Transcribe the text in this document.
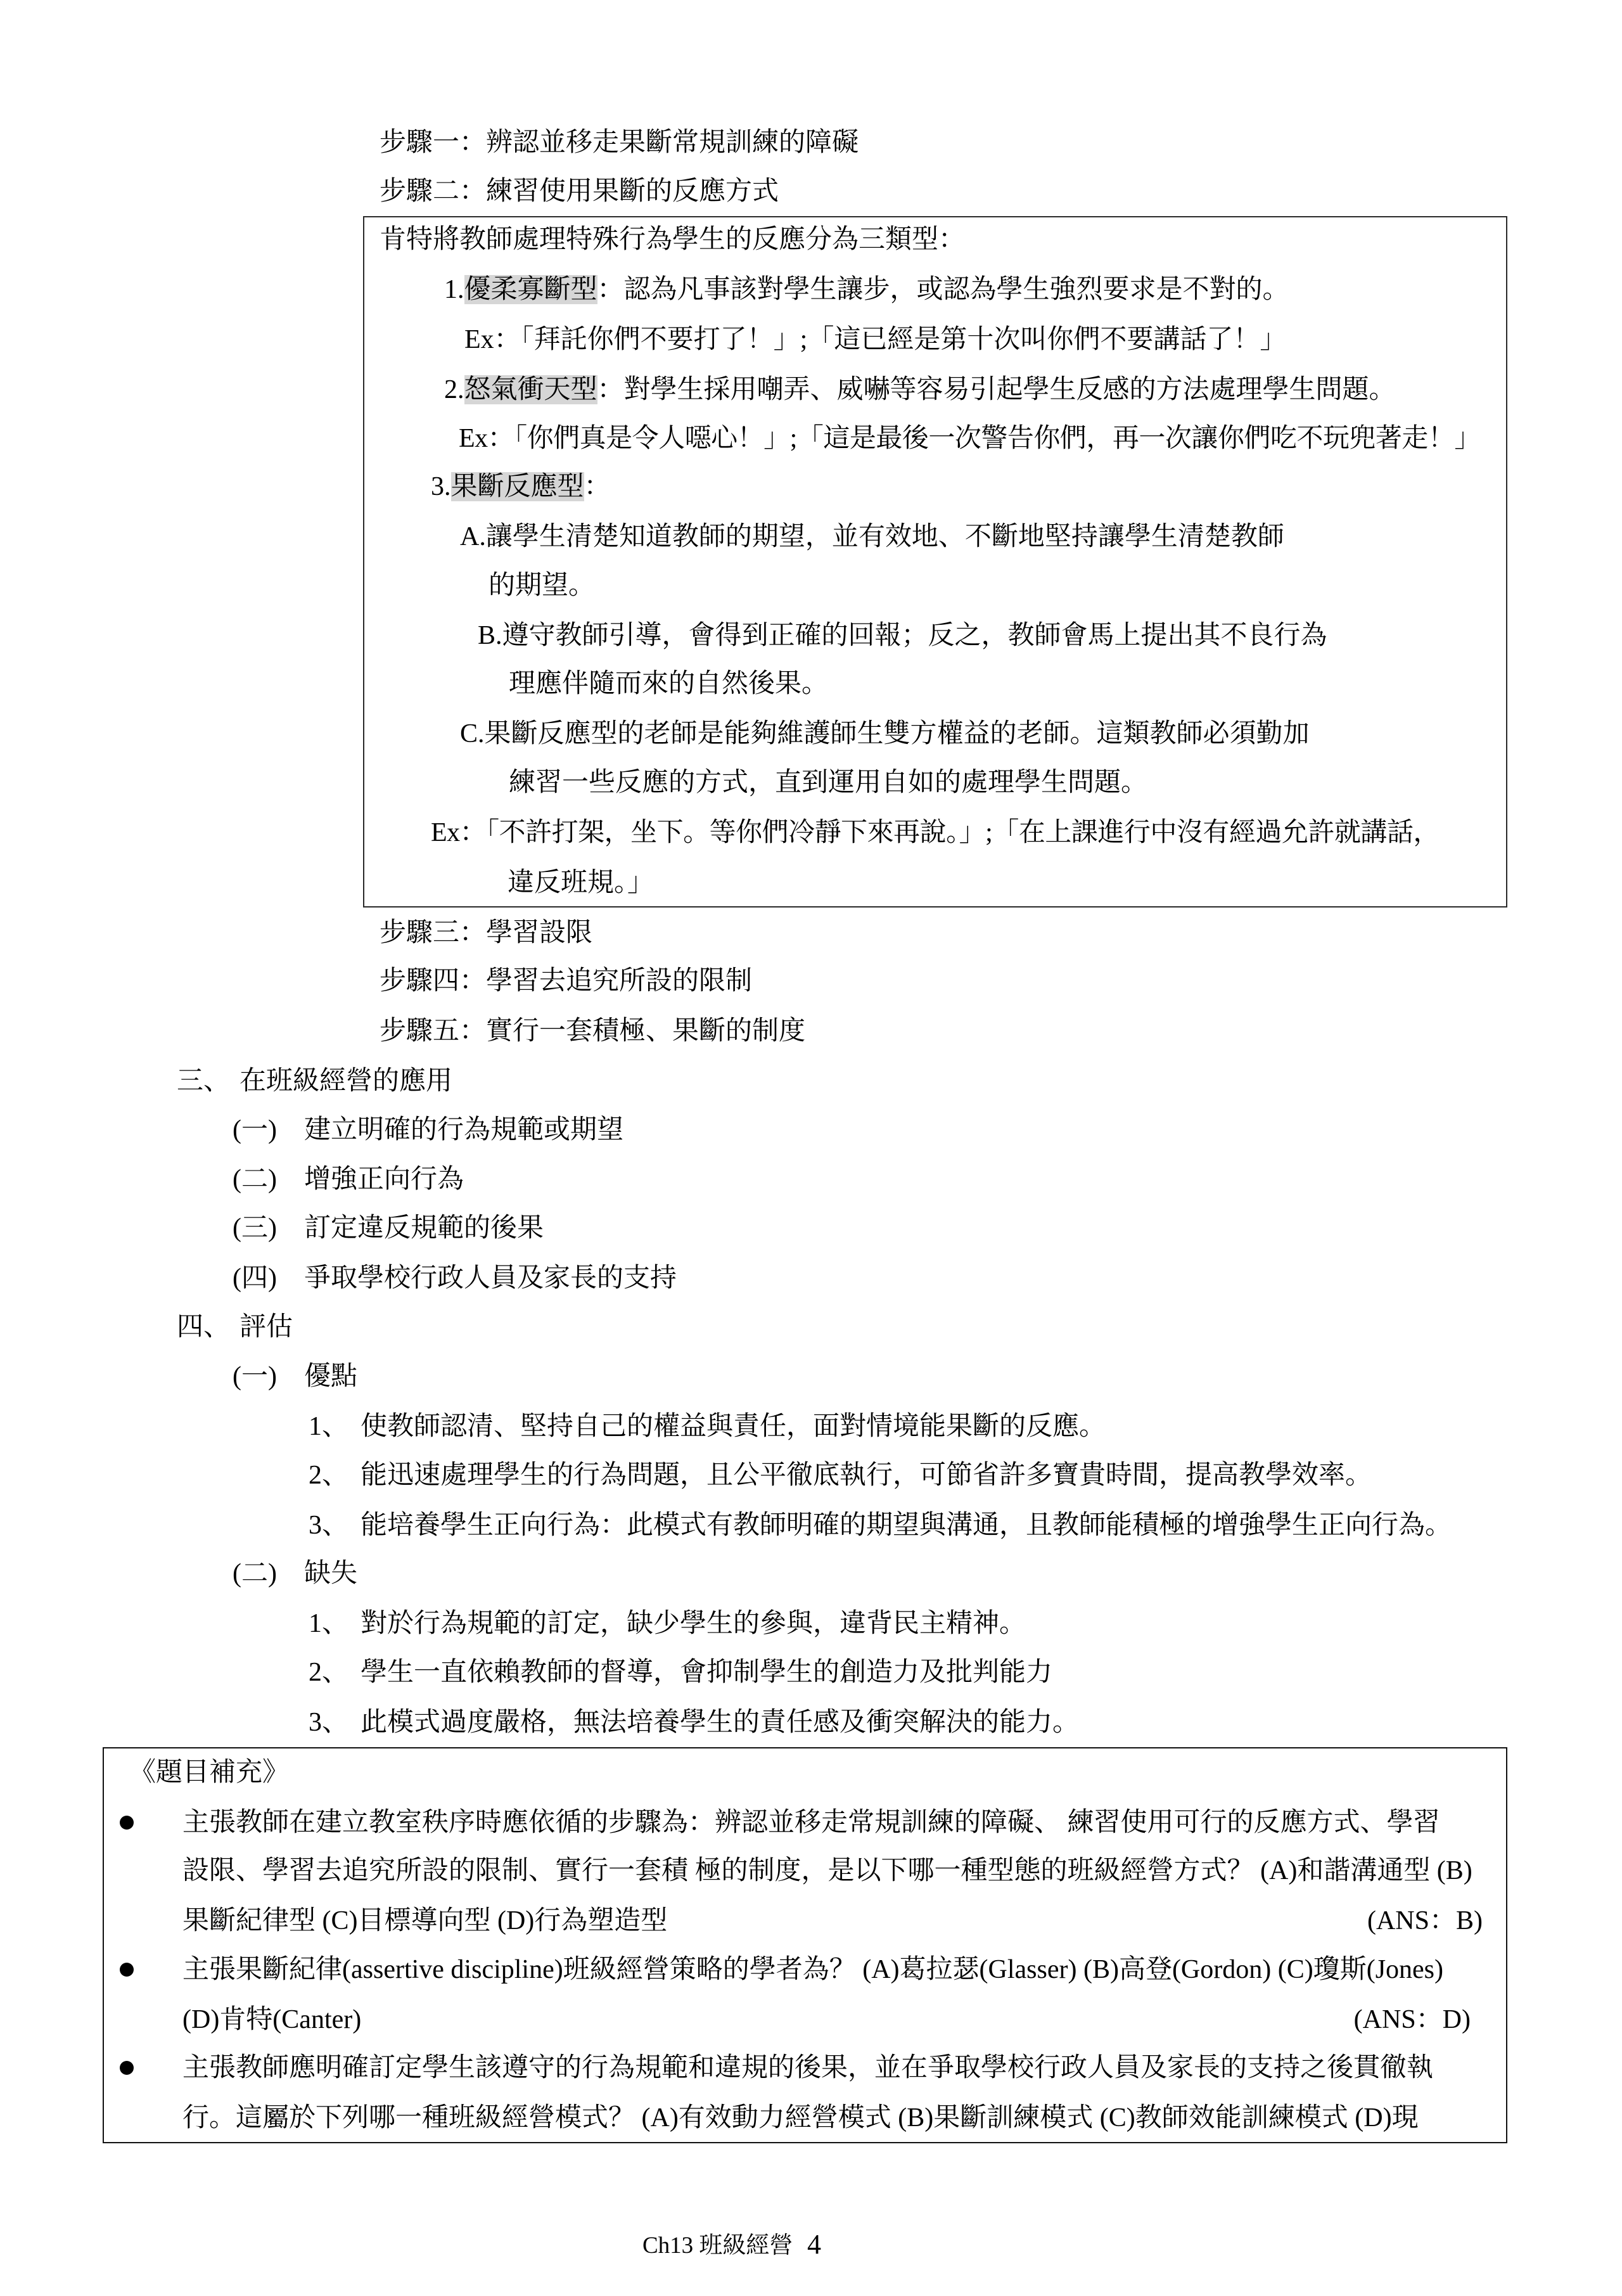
步驟一：辨認並移走果斷常規訓練的障礙
步驟二：練習使用果斷的反應方式
肯特將教師處理特殊行為學生的反應分為三類型：
1.優柔寡斷型：認為凡事該對學生讓步，或認為學生強烈要求是不對的。
Ex：「拜託你們不要打了！」;「這已經是第十次叫你們不要講話了！」
2.怒氣衝天型：對學生採用嘲弄、威嚇等容易引起學生反感的方法處理學生問題。
Ex：「你們真是令人噁心！」;「這是最後一次警告你們，再一次讓你們吃不玩兜著走！」
3.果斷反應型：
A.讓學生清楚知道教師的期望，並有效地、不斷地堅持讓學生清楚教師
的期望。
B.遵守教師引導，會得到正確的回報；反之，教師會馬上提出其不良行為
理應伴隨而來的自然後果。
C.果斷反應型的老師是能夠維護師生雙方權益的老師。這類教師必須勤加
練習一些反應的方式，直到運用自如的處理學生問題。
Ex：「不許打架，坐下。等你們冷靜下來再說。」;「在上課進行中沒有經過允許就講話，
違反班規。」
步驟三：學習設限
步驟四：學習去追究所設的限制
步驟五：實行一套積極、果斷的制度
三、 在班級經營的應用
(一) 建立明確的行為規範或期望
(二) 增強正向行為
(三) 訂定違反規範的後果
(四) 爭取學校行政人員及家長的支持
四、 評估
(一) 優點
1、 使教師認清、堅持自己的權益與責任，面對情境能果斷的反應。
2、 能迅速處理學生的行為問題，且公平徹底執行，可節省許多寶貴時間，提高教學效率。
3、 能培養學生正向行為：此模式有教師明確的期望與溝通，且教師能積極的增強學生正向行為。
(二) 缺失
1、 對於行為規範的訂定，缺少學生的參與，違背民主精神。
2、 學生一直依賴教師的督導，會抑制學生的創造力及批判能力
3、 此模式過度嚴格，無法培養學生的責任感及衝突解決的能力。
《題目補充》
主張教師在建立教室秩序時應依循的步驟為：辨認並移走常規訓練的障礙、 練習使用可行的反應方式、學習
設限、學習去追究所設的限制、實行一套積 極的制度，是以下哪一種型態的班級經營方式？ (A)和諧溝通型 (B)
果斷紀律型 (C)目標導向型 (D)行為塑造型	(ANS：B)
主張果斷紀律(assertive discipline)班級經營策略的學者為？ (A)葛拉瑟(Glasser) (B)高登(Gordon) (C)瓊斯(Jones)
(D)肯特(Canter)	(ANS：D)
主張教師應明確訂定學生該遵守的行為規範和違規的後果，並在爭取學校行政人員及家長的支持之後貫徹執
行。這屬於下列哪一種班級經營模式？ (A)有效動力經營模式 (B)果斷訓練模式 (C)教師效能訓練模式 (D)現
Ch13 班級經營 4
